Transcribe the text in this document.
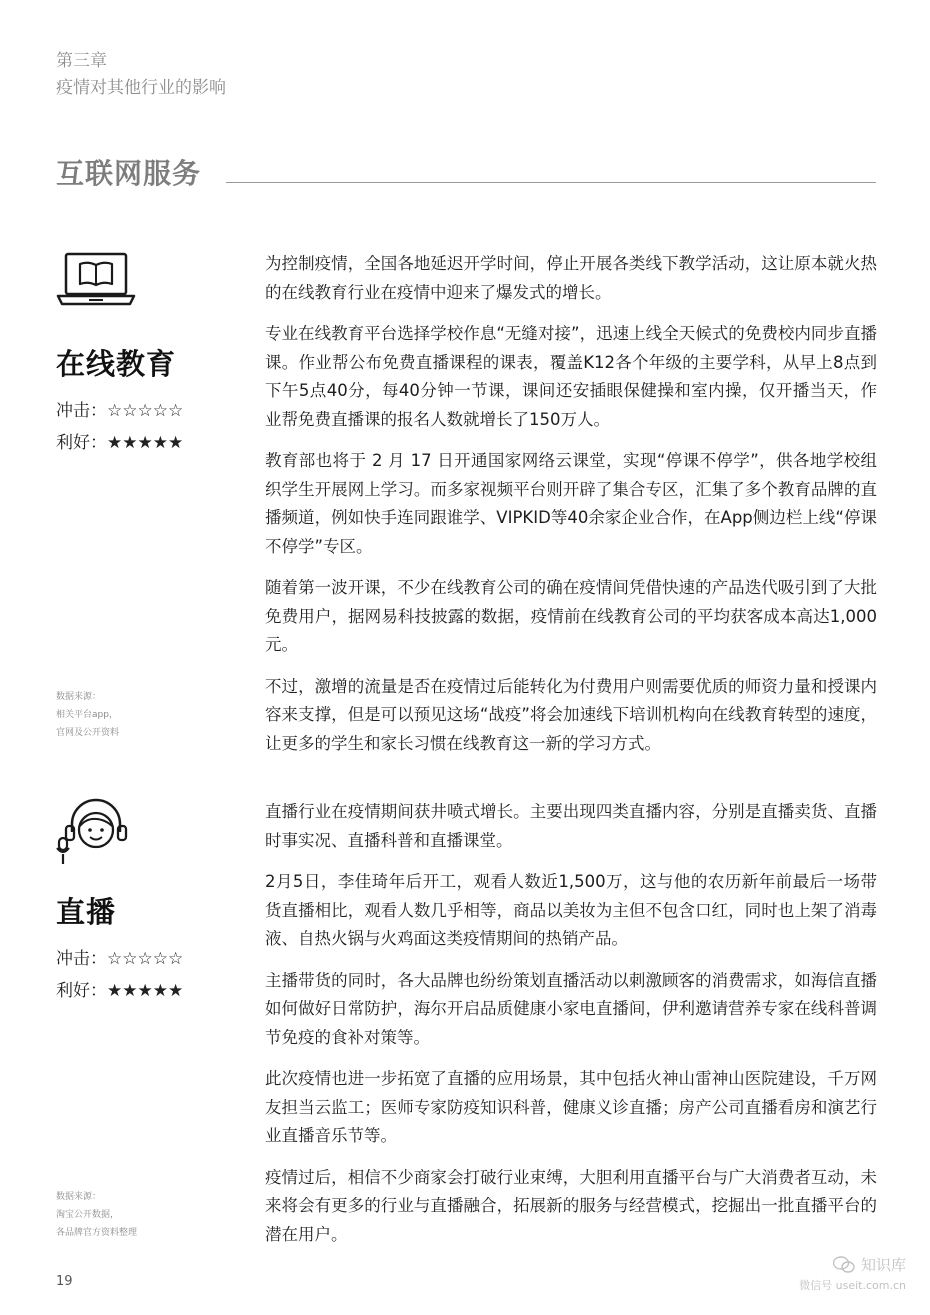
第三章
疫情对其他行业的影响
互联网服务
在线教育
冲击：☆☆☆☆☆
利好：★★★★★
数据来源：
相关平台app，
官网及公开资料

为控制疫情，全国各地延迟开学时间，停止开展各类线下教学活动，这让原本就火热的在线教育行业在疫情中迎来了爆发式的增长。

专业在线教育平台选择学校作息“无缝对接”，迅速上线全天候式的免费校内同步直播课。作业帮公布免费直播课程的课表，覆盖K12各个年级的主要学科，从早上8点到下午5点40分，每40分钟一节课，课间还安插眼保健操和室内操，仅开播当天，作业帮免费直播课的报名人数就增长了150万人。

教育部也将于 2 月 17 日开通国家网络云课堂，实现“停课不停学”，供各地学校组织学生开展网上学习。而多家视频平台则开辟了集合专区，汇集了多个教育品牌的直播频道，例如快手连同跟谁学、VIPKID等40余家企业合作，在App侧边栏上线“停课不停学”专区。

随着第一波开课，不少在线教育公司的确在疫情间凭借快速的产品迭代吸引到了大批免费用户，据网易科技披露的数据，疫情前在线教育公司的平均获客成本高达1,000元。

不过，激增的流量是否在疫情过后能转化为付费用户则需要优质的师资力量和授课内容来支撑，但是可以预见这场“战疫”将会加速线下培训机构向在线教育转型的速度，让更多的学生和家长习惯在线教育这一新的学习方式。

直播
冲击：☆☆☆☆☆
利好：★★★★★
数据来源：
淘宝公开数据，
各品牌官方资料整理

直播行业在疫情期间获井喷式增长。主要出现四类直播内容，分别是直播卖货、直播时事实况、直播科普和直播课堂。

2月5日，李佳琦年后开工，观看人数近1,500万，这与他的农历新年前最后一场带货直播相比，观看人数几乎相等，商品以美妆为主但不包含口红，同时也上架了消毒液、自热火锅与火鸡面这类疫情期间的热销产品。

主播带货的同时，各大品牌也纷纷策划直播活动以刺激顾客的消费需求，如海信直播如何做好日常防护，海尔开启品质健康小家电直播间，伊利邀请营养专家在线科普调节免疫的食补对策等。

此次疫情也进一步拓宽了直播的应用场景，其中包括火神山雷神山医院建设，千万网友担当云监工；医师专家防疫知识科普，健康义诊直播；房产公司直播看房和演艺行业直播音乐节等。

疫情过后，相信不少商家会打破行业束缚，大胆利用直播平台与广大消费者互动，未来将会有更多的行业与直播融合，拓展新的服务与经营模式，挖掘出一批直播平台的潜在用户。

19
知识库
微信号 useit.com.cn
